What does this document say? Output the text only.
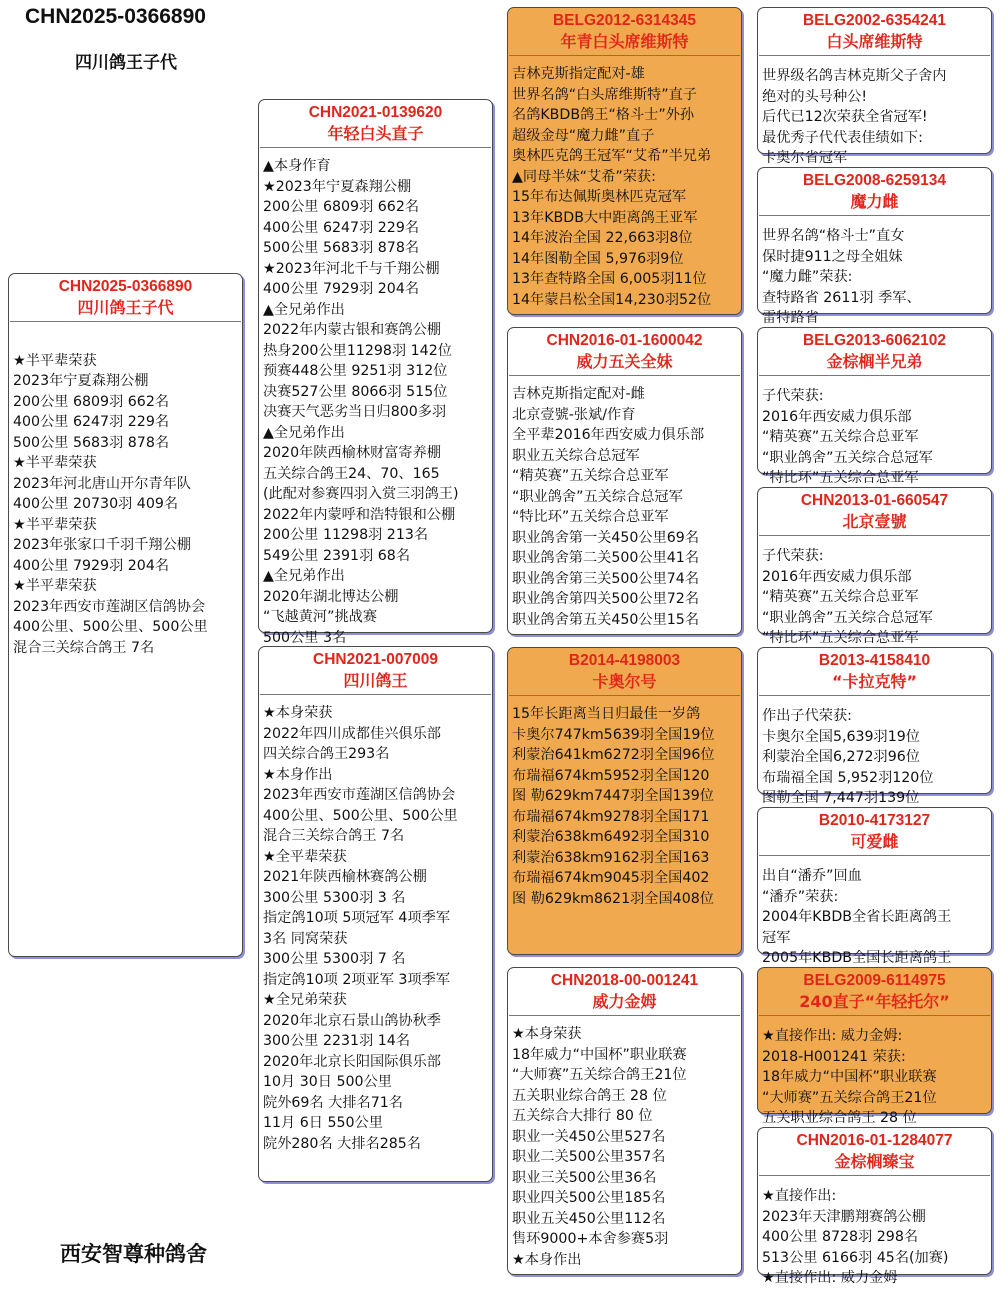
CHN2025-0366890
四川鸽王子代
CHN2025-0366890
四川鸽王子代
★半平辈荣获
2023年宁夏森翔公棚
200公里 6809羽 662名
400公里 6247羽 229名
500公里 5683羽 878名
★半平辈荣获
2023年河北唐山开尔青年队
400公里 20730羽 409名
★半平辈荣获
2023年张家口千羽千翔公棚
400公里 7929羽 204名
★半平辈荣获
2023年西安市莲湖区信鸽协会
400公里、500公里、500公里
混合三关综合鸽王 7名
CHN2021-0139620
年轻白头直子
▲本身作育
★2023年宁夏森翔公棚
200公里 6809羽 662名
400公里 6247羽 229名
500公里 5683羽 878名
★2023年河北千与千翔公棚
400公里 7929羽 204名
▲全兄弟作出
2022年内蒙古银和赛鸽公棚
热身200公里11298羽 142位
预赛448公里 9251羽 312位
决赛527公里 8066羽 515位
决赛天气恶劣当日归800多羽
▲全兄弟作出
2020年陕西榆林财富寄养棚
五关综合鸽王24、70、165
(此配对参赛四羽入赏三羽鸽王)
2022年内蒙呼和浩特银和公棚
200公里 11298羽 213名
549公里 2391羽 68名
▲全兄弟作出
2020年湖北博达公棚
“飞越黄河”挑战赛
500公里 3名
CHN2021-007009
四川鸽王
★本身荣获
2022年四川成都佳兴俱乐部
四关综合鸽王293名
★本身作出
2023年西安市莲湖区信鸽协会
400公里、500公里、500公里
混合三关综合鸽王 7名
★全平辈荣获
2021年陕西榆林赛鸽公棚
300公里 5300羽 3 名
指定鸽10项 5项冠军 4项季军
3名 同窝荣获
300公里 5300羽 7 名
指定鸽10项 2项亚军 3项季军
★全兄弟荣获
2020年北京石景山鸽协秋季
300公里 2231羽 14名
2020年北京长阳国际俱乐部
10月 30日 500公里
院外69名 大排名71名
11月 6日 550公里
院外280名 大排名285名
BELG2012-6314345
年青白头席维斯特
吉林克斯指定配对-雄
世界名鸽“白头席维斯特”直子
名鸽KBDB鸽王“格斗士”外孙
超级金母“魔力雌”直子
奥林匹克鸽王冠军“艾希”半兄弟
▲同母半妹“艾希”荣获:
15年布达佩斯奥林匹克冠军
13年KBDB大中距离鸽王亚军
14年波治全国 22,663羽8位
14年图勒全国 5,976羽9位
13年查特路全国 6,005羽11位
14年蒙吕松全国14,230羽52位
CHN2016-01-1600042
威力五关全妹
吉林克斯指定配对-雌
北京壹號-张斌/作育
全平辈2016年西安威力俱乐部
职业五关综合总冠军
“精英赛”五关综合总亚军
“职业鸽舍”五关综合总冠军
“特比环”五关综合总亚军
职业鸽舍第一关450公里69名
职业鸽舍第二关500公里41名
职业鸽舍第三关500公里74名
职业鸽舍第四关500公里72名
职业鸽舍第五关450公里15名
B2014-4198003
卡奥尔号
15年长距离当日归最佳一岁鸽
卡奥尔747km5639羽全国19位
利蒙治641km6272羽全国96位
布瑞福674km5952羽全国120
图 勒629km7447羽全国139位
布瑞福674km9278羽全国171
利蒙治638km6492羽全国310
利蒙治638km9162羽全国163
布瑞福674km9045羽全国402
图 勒629km8621羽全国408位
CHN2018-00-001241
威力金姆
★本身荣获
18年威力“中国杯”职业联赛
“大师赛”五关综合鸽王21位
五关职业综合鸽王 28 位
五关综合大排行 80 位
职业一关450公里527名
职业二关500公里357名
职业三关500公里36名
职业四关500公里185名
职业五关450公里112名
售环9000+本舍参赛5羽
★本身作出
BELG2002-6354241
白头席维斯特
世界级名鸽吉林克斯父子舍内
绝对的头号种公!
后代已12次荣获全省冠军!
最优秀子代代表佳绩如下:
卡奥尔省冠军
BELG2008-6259134
魔力雌
世界名鸽“格斗士”直女
保时捷911之母全姐妹
“魔力雌”荣获:
查特路省 2611羽 季军、
雷特路省
BELG2013-6062102
金棕榈半兄弟
子代荣获:
2016年西安威力俱乐部
“精英赛”五关综合总亚军
“职业鸽舍”五关综合总冠军
“特比环”五关综合总亚军
CHN2013-01-660547
北京壹號
子代荣获:
2016年西安威力俱乐部
“精英赛”五关综合总亚军
“职业鸽舍”五关综合总冠军
“特比环”五关综合总亚军
B2013-4158410
“卡拉克特”
作出子代荣获:
卡奥尔全国5,639羽19位
利蒙治全国6,272羽96位
布瑞福全国 5,952羽120位
图勒全国 7,447羽139位
B2010-4173127
可爱雌
出自“潘乔”回血
“潘乔”荣获:
2004年KBDB全省长距离鸽王
冠军
2005年KBDB全国长距离鸽王
BELG2009-6114975
240直子“年轻托尔”
★直接作出: 威力金姆:
2018-H001241 荣获:
18年威力“中国杯”职业联赛
“大师赛”五关综合鸽王21位
五关职业综合鸽王 28 位
CHN2016-01-1284077
金棕榈臻宝
★直接作出:
2023年天津鹏翔赛鸽公棚
400公里 8728羽 298名
513公里 6166羽 45名(加赛)
★直接作出: 威力金姆
西安智尊种鸽舍
